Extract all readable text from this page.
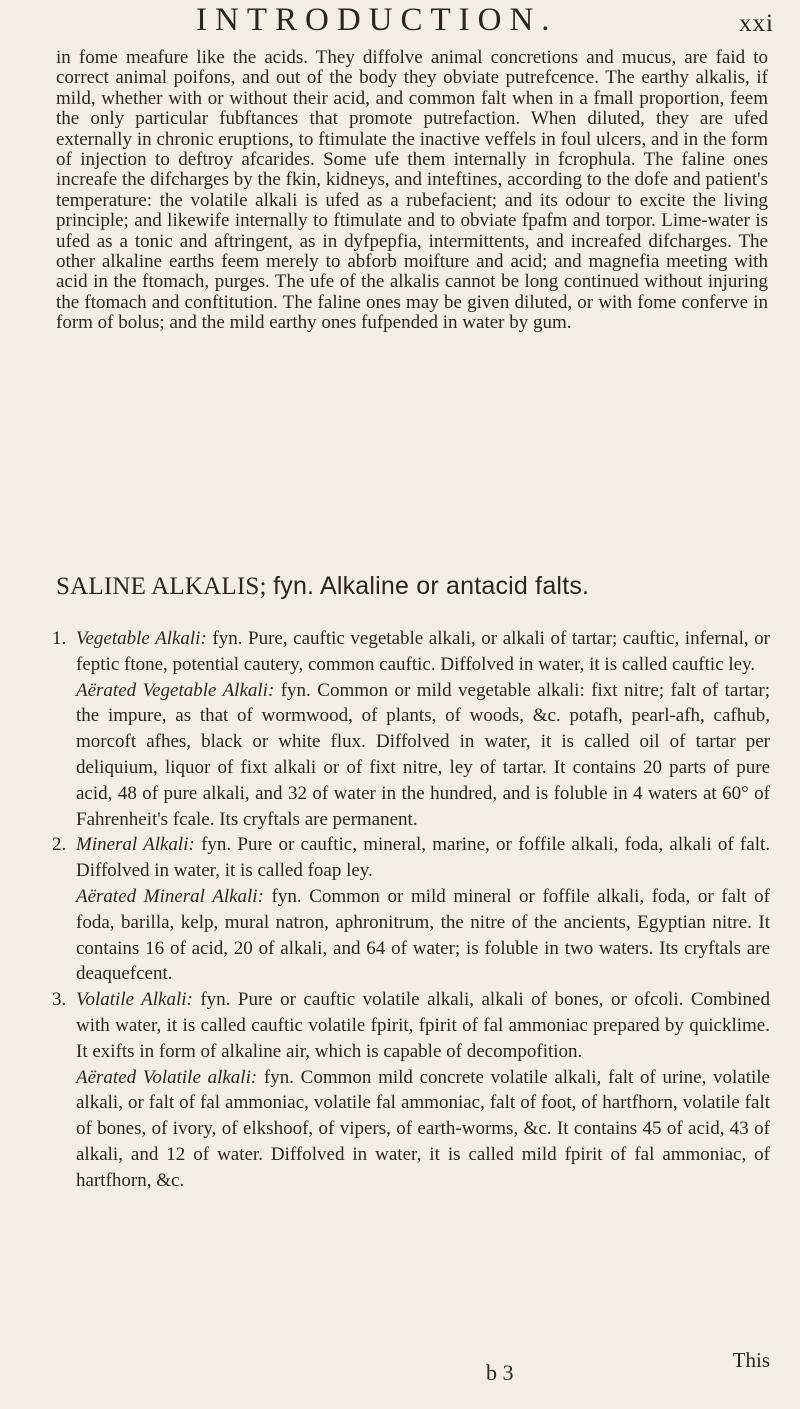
INTRODUCTION.	xxi

in fome meafure like the acids. They diffolve animal concretions and mucus, are faid to correct animal poifons, and out of the body they obviate putrefcence. The earthy alkalis, if mild, whether with or without their acid, and common falt when in a fmall proportion, feem the only particular fubftances that promote putrefaction. When diluted, they are ufed externally in chronic eruptions, to ftimulate the inactive veffels in foul ulcers, and in the form of injection to deftroy afcarides. Some ufe them internally in fcrophula. The faline ones increafe the difcharges by the fkin, kidneys, and inteftines, according to the dofe and patient's temperature: the volatile alkali is ufed as a rubefacient; and its odour to excite the living principle; and likewife internally to ftimulate and to obviate fpafm and torpor. Lime-water is ufed as a tonic and aftringent, as in dyfpepfia, intermittents, and increafed difcharges. The other alkaline earths feem merely to abforb moifture and acid; and magnefia meeting with acid in the ftomach, purges. The ufe of the alkalis cannot be long continued without injuring the ftomach and conftitution. The faline ones may be given diluted, or with fome conferve in form of bolus; and the mild earthy ones fufpended in water by gum.

SALINE ALKALIS; fyn. Alkaline or antacid falts.

1. Vegetable Alkali: fyn. Pure, cauftic vegetable alkali, or alkali of tartar; cauftic, infernal, or feptic ftone, potential cautery, common cauftic. Diffolved in water, it is called cauftic ley.

Aërated Vegetable Alkali: fyn. Common or mild vegetable alkali: fixt nitre; falt of tartar; the impure, as that of wormwood, of plants, of woods, &c. potafh, pearl-afh, cafhub, morcoft afhes, black or white flux. Diffolved in water, it is called oil of tartar per deliquium, liquor of fixt alkali or of fixt nitre, ley of tartar. It contains 20 parts of pure acid, 48 of pure alkali, and 32 of water in the hundred, and is foluble in 4 waters at 60° of Fahrenheit's fcale. Its cryftals are permanent.

2. Mineral Alkali: fyn. Pure or cauftic, mineral, marine, or foffile alkali, foda, alkali of falt. Diffolved in water, it is called foap ley.

Aërated Mineral Alkali: fyn. Common or mild mineral or foffile alkali, foda, or falt of foda, barilla, kelp, mural natron, aphronitrum, the nitre of the ancients, Egyptian nitre. It contains 16 of acid, 20 of alkali, and 64 of water; is foluble in two waters. Its cryftals are deaquefcent.

3. Volatile Alkali: fyn. Pure or cauftic volatile alkali, alkali of bones, or ofcoli. Combined with water, it is called cauftic volatile fpirit, fpirit of fal ammoniac prepared by quicklime. It exifts in form of alkaline air, which is capable of decompofition.

Aërated Volatile alkali: fyn. Common mild concrete volatile alkali, falt of urine, volatile alkali, or falt of fal ammoniac, volatile fal ammoniac, falt of foot, of hartfhorn, volatile falt of bones, of ivory, of elkshoof, of vipers, of earth-worms, &c. It contains 45 of acid, 43 of alkali, and 12 of water. Diffolved in water, it is called mild fpirit of fal ammoniac, of hartfhorn, &c.

b 3	This
